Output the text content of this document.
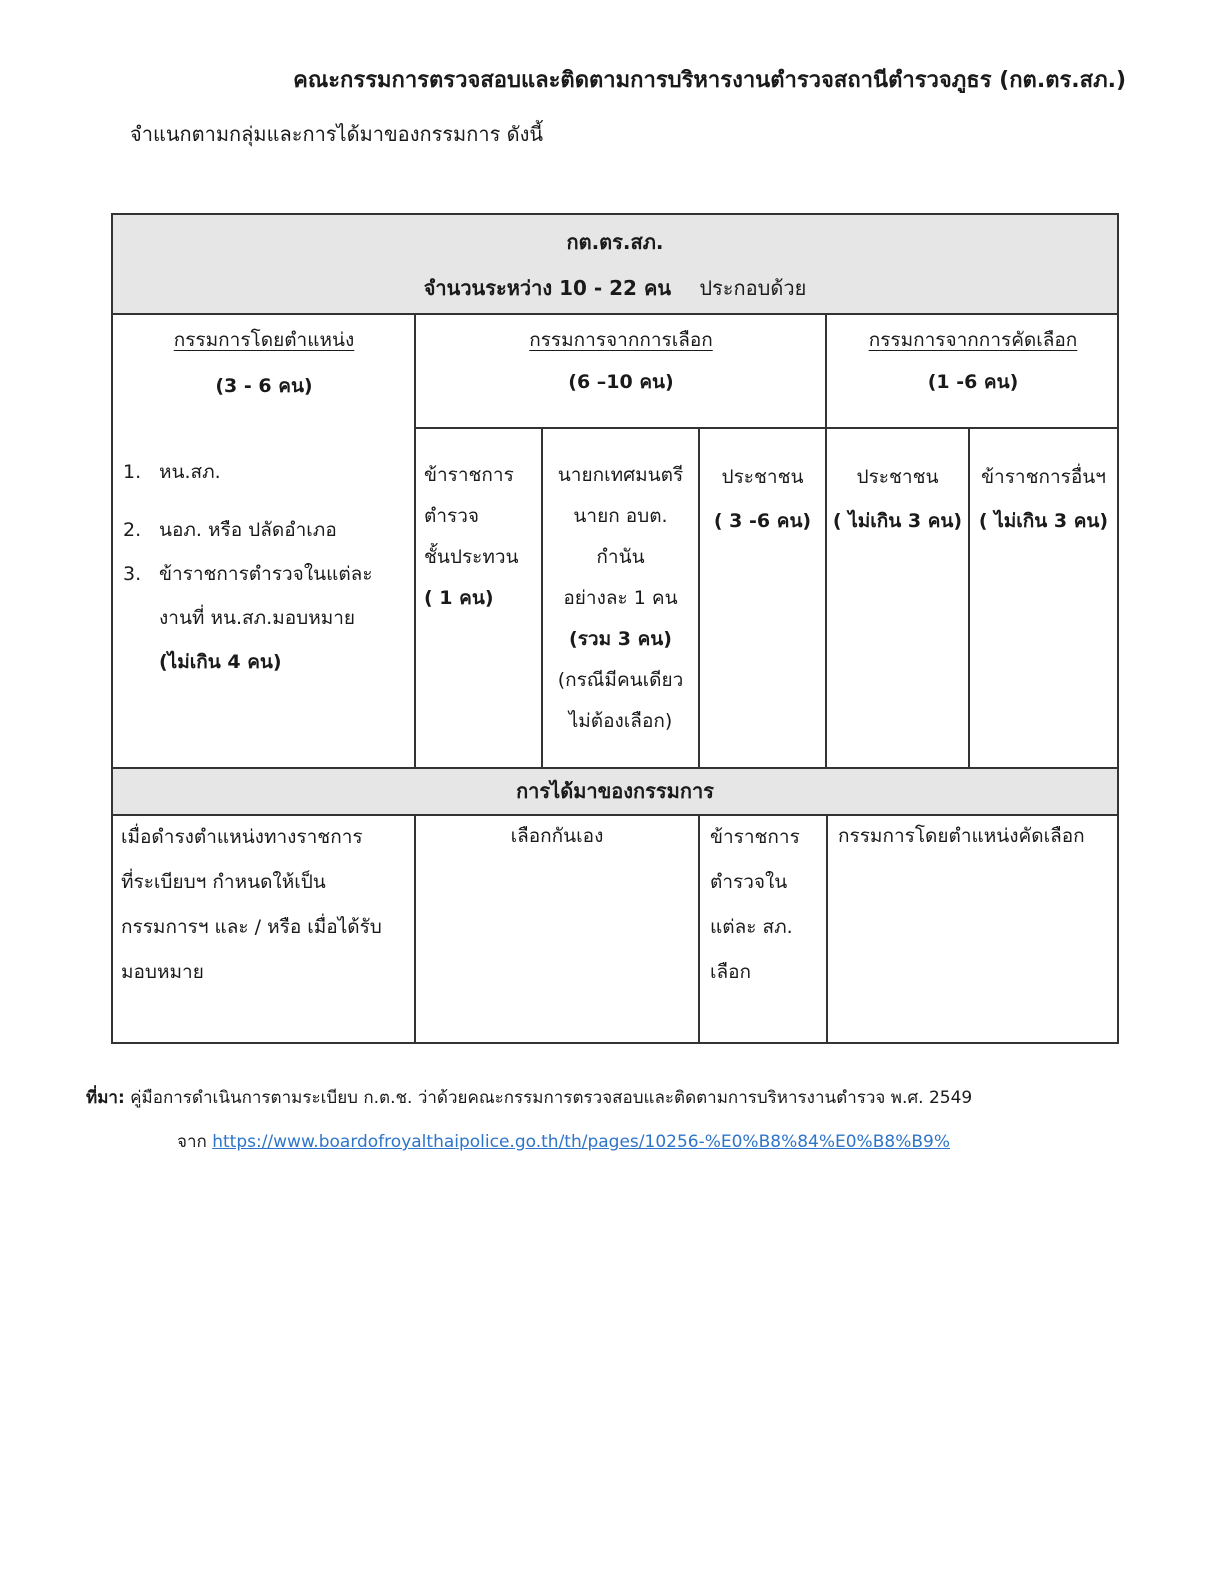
คณะกรรมการตรวจสอบและติดตามการบริหารงานตำรวจสถานีตำรวจภูธร (กต.ตร.สภ.)
จำแนกตามกลุ่มและการได้มาของกรรมการ ดังนี้
กต.ตร.สภ.
จำนวนระหว่าง 10 - 22 คน ประกอบด้วย
กรรมการโดยตำแหน่ง
(3 - 6 คน)
กรรมการจากการเลือก
(6 –10 คน)
กรรมการจากการคัดเลือก
(1 -6 คน)
1. หน.สภ.
2. นอภ. หรือ ปลัดอำเภอ
3. ข้าราชการตำรวจในแต่ละ
งานที่ หน.สภ.มอบหมาย
(ไม่เกิน 4 คน)
ข้าราชการ
ตำรวจ
ชั้นประทวน
( 1 คน)
นายกเทศมนตรี
นายก อบต.
กำนัน
อย่างละ 1 คน
(รวม 3 คน)
(กรณีมีคนเดียว
ไม่ต้องเลือก)
ประชาชน
( 3 -6 คน)
ประชาชน
( ไม่เกิน 3 คน)
ข้าราชการอื่นฯ
( ไม่เกิน 3 คน)
การได้มาของกรรมการ
เมื่อดำรงตำแหน่งทางราชการ
ที่ระเบียบฯ กำหนดให้เป็น
กรรมการฯ และ / หรือ เมื่อได้รับ
มอบหมาย
เลือกกันเอง	ข้าราชการ
ตำรวจใน
แต่ละ สภ.
เลือก
กรรมการโดยตำแหน่งคัดเลือก
ที่มา: คู่มือการดำเนินการตามระเบียบ ก.ต.ช. ว่าด้วยคณะกรรมการตรวจสอบและติดตามการบริหารงานตำรวจ พ.ศ. 2549
จาก https://www.boardofroyalthaipolice.go.th/th/pages/10256-%E0%B8%84%E0%B8%B9%
